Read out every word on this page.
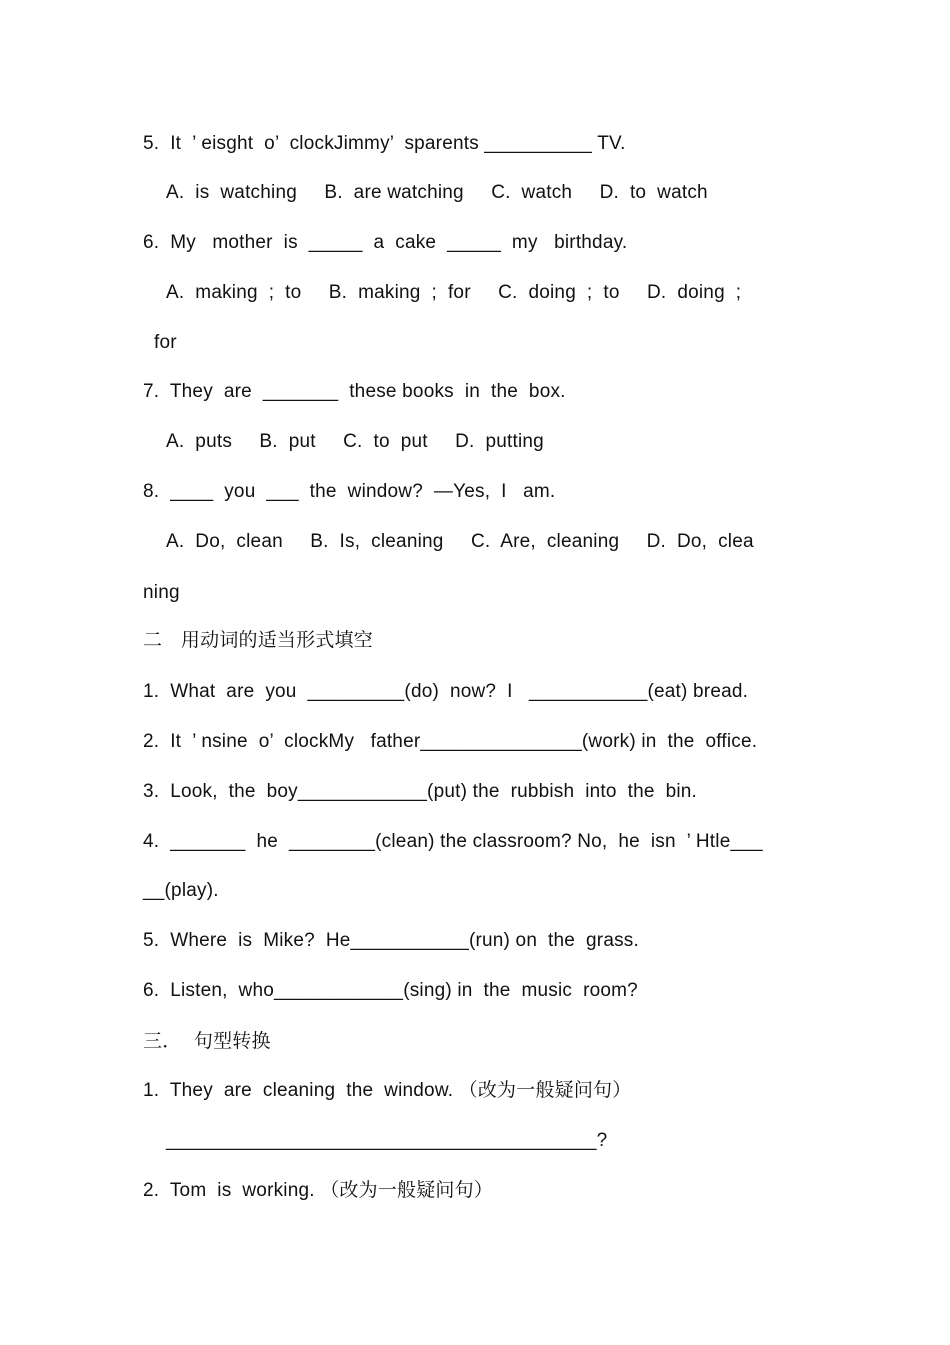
5.  It  ’ eisght  o’  clockJimmy’  sparents __________ TV.
A.  is  watching     B.  are watching     C.  watch     D.  to  watch
6.  My   mother  is  _____  a  cake  _____  my   birthday.
A.  making  ;  to     B.  making  ;  for     C.  doing  ;  to     D.  doing  ;
for
7.  They  are  _______  these books  in  the  box.
A.  puts     B.  put     C.  to  put     D.  putting
8.  ____  you  ___  the  window?  —Yes,  I   am.
A.  Do,  clean     B.  Is,  cleaning     C.  Are,  cleaning     D.  Do,  clea
ning
二   用动词的适当形式填空
1.  What  are  you  _________(do)  now?  I   ___________(eat) bread.
2.  It  ’ nsine  o’  clockMy   father_______________(work) in  the  office.
3.  Look,  the  boy____________(put) the  rubbish  into  the  bin.
4.  _______  he  ________(clean) the classroom? No,  he  isn  ’ Htle___
__(play).
5.  Where  is  Mike?  He___________(run) on  the  grass.
6.  Listen,  who____________(sing) in  the  music  room?
三．  句型转换
1.  They  are  cleaning  the  window. （改为一般疑问句）
________________________________________?
2.  Tom  is  working. （改为一般疑问句）
